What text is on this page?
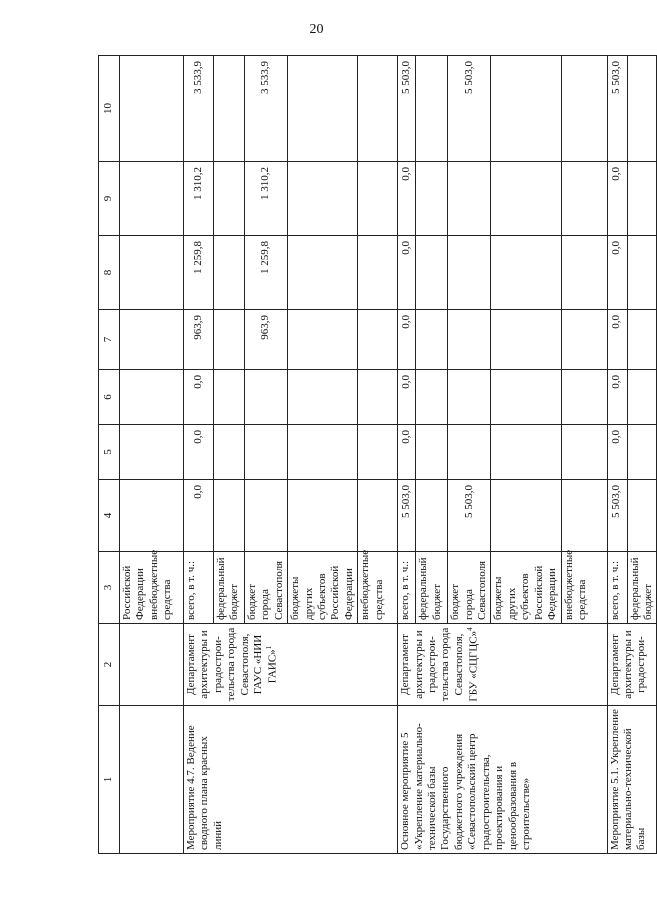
20
1	2	3	4	5	6	7	8	9	10
		Российской Федерации
внебюджетные средства							
Мероприятие 4.7. Ведение сводного плана красных линий	Департамент архитектуры и градострои-тельства города Севастополя, ГАУС «НИИ ГАИС»$^1$	всего, в т. ч.:	0,0	0,0	0,0	963,9	1 259,8	1 310,2	3 533,9
		федеральный бюджет							
		бюджет города Севастополя				963,9	1 259,8	1 310,2	3 533,9
		бюджеты других субъектов Российской Федерации							
		внебюджетные средства							
Основное мероприятие 5 «Укрепление материально-технической базы Государственного бюджетного учреждения «Севастопольский центр градостроительства, проектирования и ценообразования в строительстве»	Департамент архитектуры и градострои-тельства города Севастополя, ГБУ «СЦГЦС»$^4$	всего, в т. ч.:	5 503,0	0,0	0,0	0,0	0,0	0,0	5 503,0
		федеральный бюджет							
		бюджет города Севастополя	5 503,0						5 503,0
		бюджеты других субъектов Российской Федерации							
		внебюджетные средства							
Мероприятие 5.1. Укрепление материально-технической базы	Департамент архитектуры и градострои-	всего, в т. ч.:	5 503,0	0,0	0,0	0,0	0,0	0,0	5 503,0
		федеральный бюджет							
